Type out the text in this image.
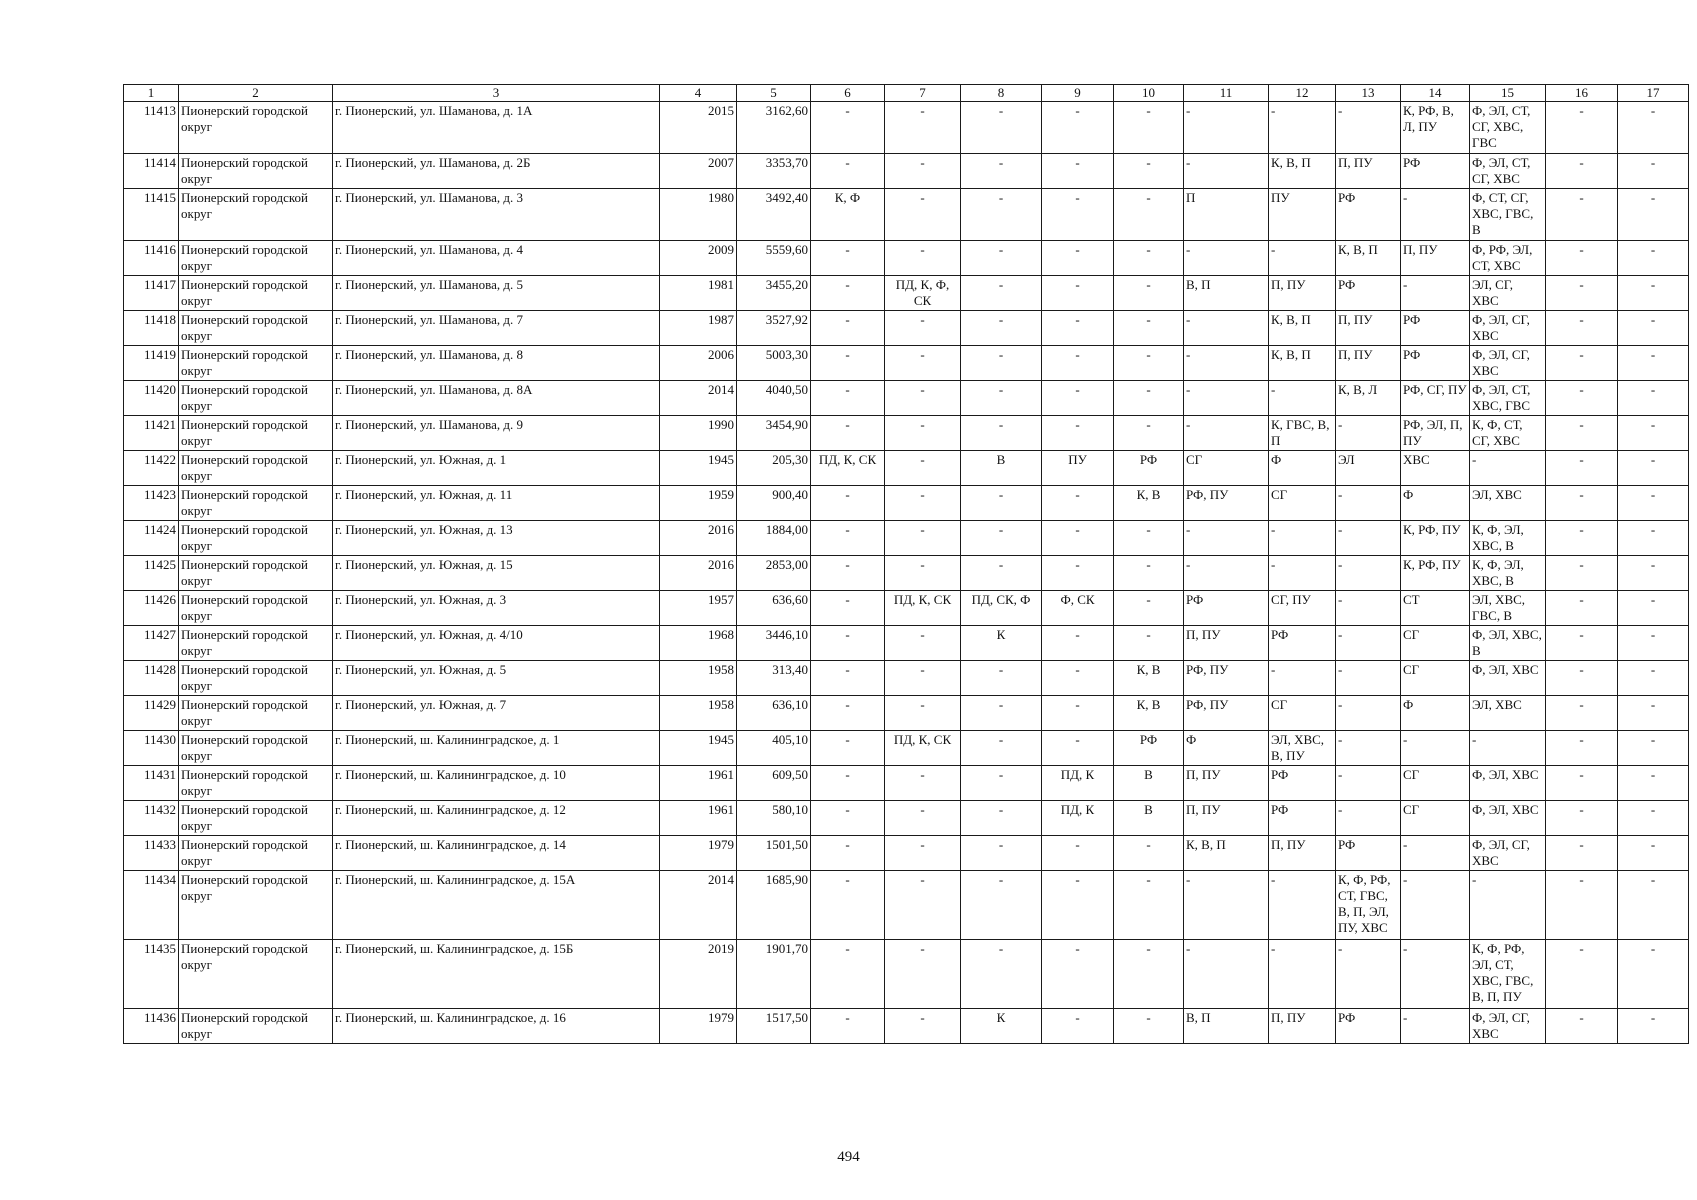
1	2	3	4	5	6	7	8	9	10	11	12	13	14	15	16	17
11413	Пионерский городской округ	г. Пионерский, ул. Шаманова, д. 1А	2015	3162,60	-	-	-	-	-	-	-	-	К, РФ, В, Л, ПУ	Ф, ЭЛ, СТ, СГ, ХВС, ГВС	-	-
11414	Пионерский городской округ	г. Пионерский, ул. Шаманова, д. 2Б	2007	3353,70	-	-	-	-	-	-	К, В, П	П, ПУ	РФ	Ф, ЭЛ, СТ, СГ, ХВС	-	-
11415	Пионерский городской округ	г. Пионерский, ул. Шаманова, д. 3	1980	3492,40	К, Ф	-	-	-	-	П	ПУ	РФ	-	Ф, СТ, СГ, ХВС, ГВС, В	-	-
11416	Пионерский городской округ	г. Пионерский, ул. Шаманова, д. 4	2009	5559,60	-	-	-	-	-	-	-	К, В, П	П, ПУ	Ф, РФ, ЭЛ, СТ, ХВС	-	-
11417	Пионерский городской округ	г. Пионерский, ул. Шаманова, д. 5	1981	3455,20	-	ПД, К, Ф, СК	-	-	-	В, П	П, ПУ	РФ	-	ЭЛ, СГ, ХВС	-	-
11418	Пионерский городской округ	г. Пионерский, ул. Шаманова, д. 7	1987	3527,92	-	-	-	-	-	-	К, В, П	П, ПУ	РФ	Ф, ЭЛ, СГ, ХВС	-	-
11419	Пионерский городской округ	г. Пионерский, ул. Шаманова, д. 8	2006	5003,30	-	-	-	-	-	-	К, В, П	П, ПУ	РФ	Ф, ЭЛ, СГ, ХВС	-	-
11420	Пионерский городской округ	г. Пионерский, ул. Шаманова, д. 8А	2014	4040,50	-	-	-	-	-	-	-	К, В, Л	РФ, СГ, ПУ	Ф, ЭЛ, СТ, ХВС, ГВС	-	-
11421	Пионерский городской округ	г. Пионерский, ул. Шаманова, д. 9	1990	3454,90	-	-	-	-	-	-	К, ГВС, В, П	-	РФ, ЭЛ, П, ПУ	К, Ф, СТ, СГ, ХВС	-	-
11422	Пионерский городской округ	г. Пионерский, ул. Южная, д. 1	1945	205,30	ПД, К, СК	-	В	ПУ	РФ	СГ	Ф	ЭЛ	ХВС	-	-	-
11423	Пионерский городской округ	г. Пионерский, ул. Южная, д. 11	1959	900,40	-	-	-	-	К, В	РФ, ПУ	СГ	-	Ф	ЭЛ, ХВС	-	-
11424	Пионерский городской округ	г. Пионерский, ул. Южная, д. 13	2016	1884,00	-	-	-	-	-	-	-	-	К, РФ, ПУ	К, Ф, ЭЛ, ХВС, В	-	-
11425	Пионерский городской округ	г. Пионерский, ул. Южная, д. 15	2016	2853,00	-	-	-	-	-	-	-	-	К, РФ, ПУ	К, Ф, ЭЛ, ХВС, В	-	-
11426	Пионерский городской округ	г. Пионерский, ул. Южная, д. 3	1957	636,60	-	ПД, К, СК	ПД, СК, Ф	Ф, СК	-	РФ	СГ, ПУ	-	СТ	ЭЛ, ХВС, ГВС, В	-	-
11427	Пионерский городской округ	г. Пионерский, ул. Южная, д. 4/10	1968	3446,10	-	-	К	-	-	П, ПУ	РФ	-	СГ	Ф, ЭЛ, ХВС, В	-	-
11428	Пионерский городской округ	г. Пионерский, ул. Южная, д. 5	1958	313,40	-	-	-	-	К, В	РФ, ПУ	-	-	СГ	Ф, ЭЛ, ХВС	-	-
11429	Пионерский городской округ	г. Пионерский, ул. Южная, д. 7	1958	636,10	-	-	-	-	К, В	РФ, ПУ	СГ	-	Ф	ЭЛ, ХВС	-	-
11430	Пионерский городской округ	г. Пионерский, ш. Калининградское, д. 1	1945	405,10	-	ПД, К, СК	-	-	РФ	Ф	ЭЛ, ХВС, В, ПУ	-	-	-	-	-
11431	Пионерский городской округ	г. Пионерский, ш. Калининградское, д. 10	1961	609,50	-	-	-	ПД, К	В	П, ПУ	РФ	-	СГ	Ф, ЭЛ, ХВС	-	-
11432	Пионерский городской округ	г. Пионерский, ш. Калининградское, д. 12	1961	580,10	-	-	-	ПД, К	В	П, ПУ	РФ	-	СГ	Ф, ЭЛ, ХВС	-	-
11433	Пионерский городской округ	г. Пионерский, ш. Калининградское, д. 14	1979	1501,50	-	-	-	-	-	К, В, П	П, ПУ	РФ	-	Ф, ЭЛ, СГ, ХВС	-	-
11434	Пионерский городской округ	г. Пионерский, ш. Калининградское, д. 15А	2014	1685,90	-	-	-	-	-	-	-	К, Ф, РФ, СТ, ГВС, В, П, ЭЛ, ПУ, ХВС	-	-	-	-
11435	Пионерский городской округ	г. Пионерский, ш. Калининградское, д. 15Б	2019	1901,70	-	-	-	-	-	-	-	-	-	К, Ф, РФ, ЭЛ, СТ, ХВС, ГВС, В, П, ПУ	-	-
11436	Пионерский городской округ	г. Пионерский, ш. Калининградское, д. 16	1979	1517,50	-	-	К	-	-	В, П	П, ПУ	РФ	-	Ф, ЭЛ, СГ, ХВС	-	-
494
